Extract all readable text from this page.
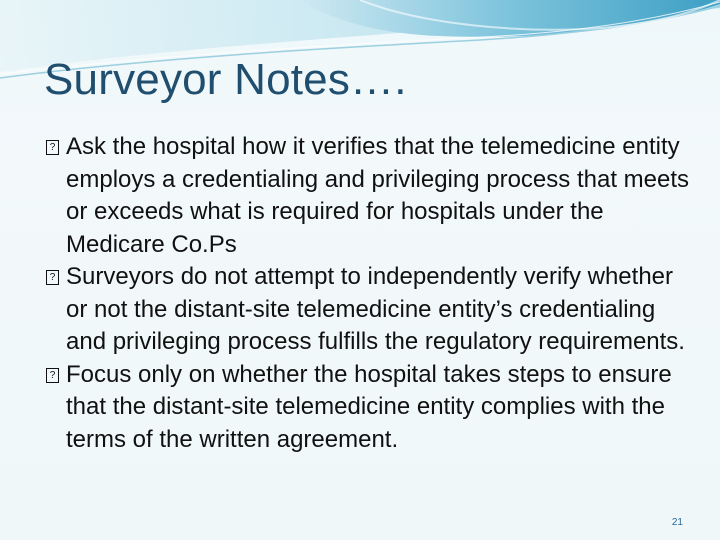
Surveyor Notes….

? Ask the hospital how it verifies that the telemedicine entity employs a credentialing and privileging process that meets or exceeds what is required for hospitals under the Medicare Co.Ps

? Surveyors do not attempt to independently verify whether or not the distant-site telemedicine entity’s credentialing and privileging process fulfills the regulatory requirements.

? Focus only on whether the hospital takes steps to ensure that the distant-site telemedicine entity complies with the terms of the written agreement.

21
